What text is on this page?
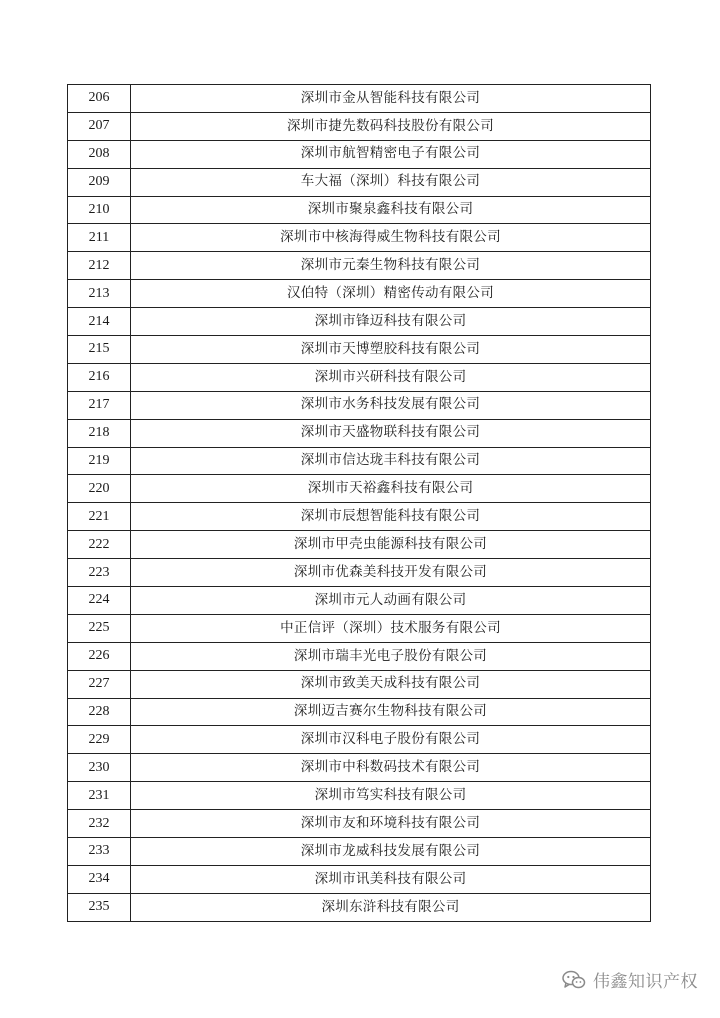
206	深圳市金从智能科技有限公司
207	深圳市捷先数码科技股份有限公司
208	深圳市航智精密电子有限公司
209	车大福（深圳）科技有限公司
210	深圳市聚泉鑫科技有限公司
211	深圳市中核海得威生物科技有限公司
212	深圳市元秦生物科技有限公司
213	汉伯特（深圳）精密传动有限公司
214	深圳市锋迈科技有限公司
215	深圳市天博塑胶科技有限公司
216	深圳市兴研科技有限公司
217	深圳市水务科技发展有限公司
218	深圳市天盛物联科技有限公司
219	深圳市信达珑丰科技有限公司
220	深圳市天裕鑫科技有限公司
221	深圳市辰想智能科技有限公司
222	深圳市甲壳虫能源科技有限公司
223	深圳市优森美科技开发有限公司
224	深圳市元人动画有限公司
225	中正信评（深圳）技术服务有限公司
226	深圳市瑞丰光电子股份有限公司
227	深圳市致美天成科技有限公司
228	深圳迈吉赛尔生物科技有限公司
229	深圳市汉科电子股份有限公司
230	深圳市中科数码技术有限公司
231	深圳市笃实科技有限公司
232	深圳市友和环境科技有限公司
233	深圳市龙威科技发展有限公司
234	深圳市讯美科技有限公司
235	深圳东浒科技有限公司
伟鑫知识产权
